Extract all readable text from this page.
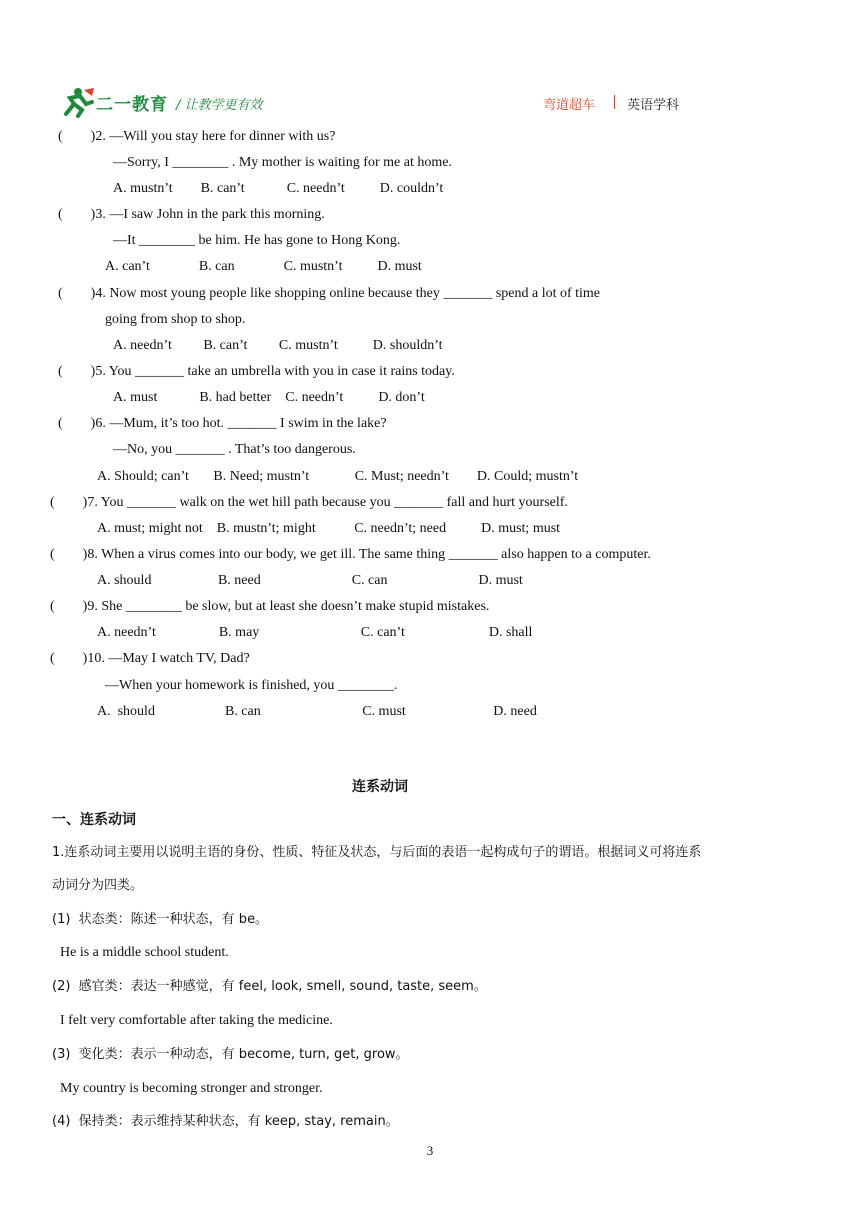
二一教育 / 让教学更有效	弯道超车 英语学科
(        )2. —Will you stay here for dinner with us?
—Sorry, I ________ . My mother is waiting for me at home.
A. mustn’t        B. can’t            C. needn’t          D. couldn’t
(        )3. —I saw John in the park this morning.
—It ________ be him. He has gone to Hong Kong.
A. can’t              B. can              C. mustn’t          D. must
(        )4. Now most young people like shopping online because they _______ spend a lot of time
going from shop to shop.
A. needn’t         B. can’t         C. mustn’t          D. shouldn’t
(        )5. You _______ take an umbrella with you in case it rains today.
A. must            B. had better    C. needn’t          D. don’t
(        )6. —Mum, it’s too hot. _______ I swim in the lake?
—No, you _______ . That’s too dangerous.
A. Should; can’t       B. Need; mustn’t             C. Must; needn’t        D. Could; mustn’t
(        )7. You _______ walk on the wet hill path because you _______ fall and hurt yourself.
A. must; might not    B. mustn’t; might           C. needn’t; need          D. must; must
(        )8. When a virus comes into our body, we get ill. The same thing _______ also happen to a computer.
A. should                   B. need                          C. can                          D. must
(        )9. She ________ be slow, but at least she doesn’t make stupid mistakes.
A. needn’t                  B. may                             C. can’t                        D. shall
(        )10. —May I watch TV, Dad?
—When your homework is finished, you ________.
A.  should                    B. can                             C. must                         D. need
连系动词
一、连系动词
1.连系动词主要用以说明主语的身份、性质、特征及状态，与后面的表语一起构成句子的谓语。根据词义可将连系
动词分为四类。
(1)  状态类：陈述一种状态，有 be。
He is a middle school student.
(2)  感官类：表达一种感觉，有 feel, look, smell, sound, taste, seem。
I felt very comfortable after taking the medicine.
(3)  变化类：表示一种动态，有 become, turn, get, grow。
My country is becoming stronger and stronger.
(4)  保持类：表示维持某种状态，有 keep, stay, remain。
3
